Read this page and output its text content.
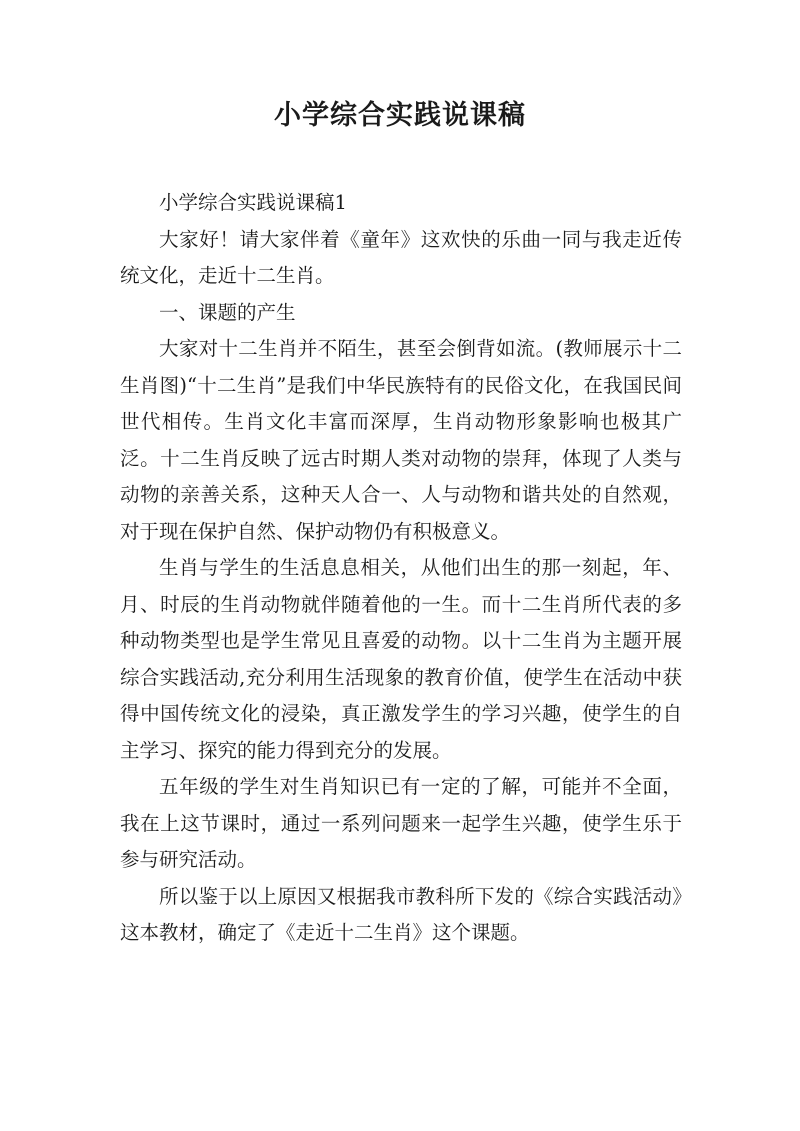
小学综合实践说课稿

小学综合实践说课稿1

大家好！请大家伴着《童年》这欢快的乐曲一同与我走近传统文化，走近十二生肖。

一、课题的产生

大家对十二生肖并不陌生，甚至会倒背如流。(教师展示十二生肖图)“十二生肖”是我们中华民族特有的民俗文化，在我国民间世代相传。生肖文化丰富而深厚，生肖动物形象影响也极其广泛。十二生肖反映了远古时期人类对动物的崇拜，体现了人类与动物的亲善关系，这种天人合一、人与动物和谐共处的自然观，对于现在保护自然、保护动物仍有积极意义。

生肖与学生的生活息息相关，从他们出生的那一刻起，年、月、时辰的生肖动物就伴随着他的一生。而十二生肖所代表的多种动物类型也是学生常见且喜爱的动物。以十二生肖为主题开展综合实践活动,充分利用生活现象的教育价值，使学生在活动中获得中国传统文化的浸染，真正激发学生的学习兴趣，使学生的自主学习、探究的能力得到充分的发展。

五年级的学生对生肖知识已有一定的了解，可能并不全面，我在上这节课时，通过一系列问题来一起学生兴趣，使学生乐于参与研究活动。

所以鉴于以上原因又根据我市教科所下发的《综合实践活动》这本教材，确定了《走近十二生肖》这个课题。
